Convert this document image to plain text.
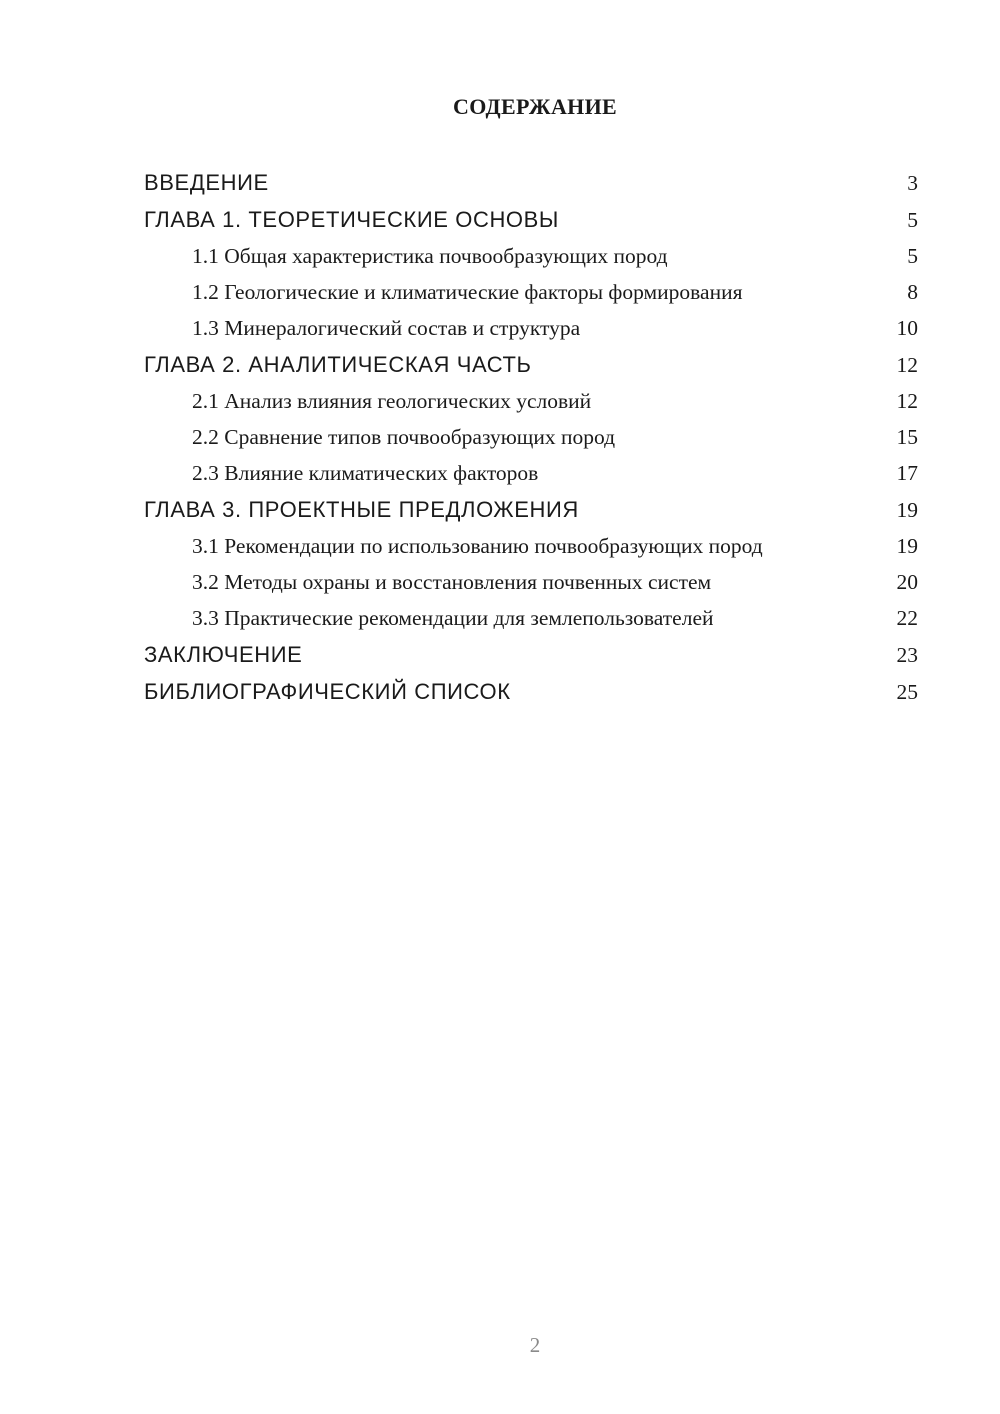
СОДЕРЖАНИЕ
ВВЕДЕНИЕ	3
ГЛАВА 1. ТЕОРЕТИЧЕСКИЕ ОСНОВЫ	5
1.1 Общая характеристика почвообразующих пород	5
1.2 Геологические и климатические факторы формирования	8
1.3 Минералогический состав и структура	10
ГЛАВА 2. АНАЛИТИЧЕСКАЯ ЧАСТЬ	12
2.1 Анализ влияния геологических условий	12
2.2 Сравнение типов почвообразующих пород	15
2.3 Влияние климатических факторов	17
ГЛАВА 3. ПРОЕКТНЫЕ ПРЕДЛОЖЕНИЯ	19
3.1 Рекомендации по использованию почвообразующих пород	19
3.2 Методы охраны и восстановления почвенных систем	20
3.3 Практические рекомендации для землепользователей	22
ЗАКЛЮЧЕНИЕ	23
БИБЛИОГРАФИЧЕСКИЙ СПИСОК	25
2
